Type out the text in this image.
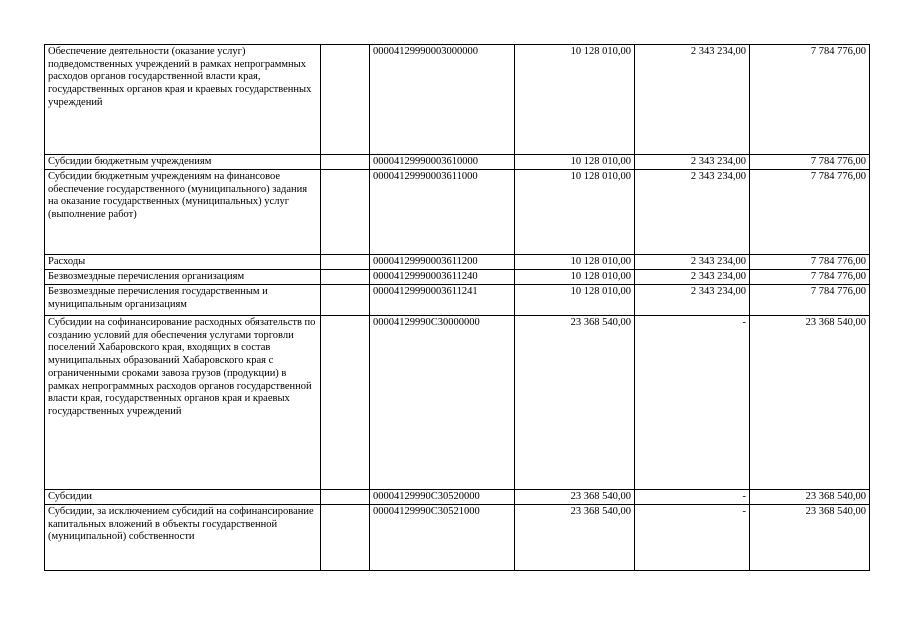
Обеспечение деятельности (оказание услуг) подведомственных учреждений в рамках непрограммных расходов органов государственной власти края, государственных органов края и краевых государственных учреждений		00004129990003000000	10 128 010,00	2 343 234,00	7 784 776,00
Субсидии бюджетным учреждениям		00004129990003610000	10 128 010,00	2 343 234,00	7 784 776,00
Субсидии бюджетным учреждениям на финансовое обеспечение государственного (муниципального) задания на оказание государственных (муниципальных) услуг (выполнение работ)		00004129990003611000	10 128 010,00	2 343 234,00	7 784 776,00
Расходы		00004129990003611200	10 128 010,00	2 343 234,00	7 784 776,00
Безвозмездные перечисления организациям		00004129990003611240	10 128 010,00	2 343 234,00	7 784 776,00
Безвозмездные перечисления государственным и муниципальным организациям		00004129990003611241	10 128 010,00	2 343 234,00	7 784 776,00
Субсидии на софинансирование расходных обязательств по созданию условий для обеспечения услугами торговли поселений Хабаровского края, входящих в состав муниципальных образований Хабаровского края с ограниченными сроками завоза грузов (продукции) в рамках непрограммных расходов органов государственной власти края, государственных органов края и краевых государственных учреждений		00004129990C30000000	23 368 540,00	-	23 368 540,00
Субсидии		00004129990C30520000	23 368 540,00	-	23 368 540,00
Субсидии, за исключением субсидий на софинансирование капитальных вложений в объекты государственной (муниципальной) собственности		00004129990C30521000	23 368 540,00	-	23 368 540,00
